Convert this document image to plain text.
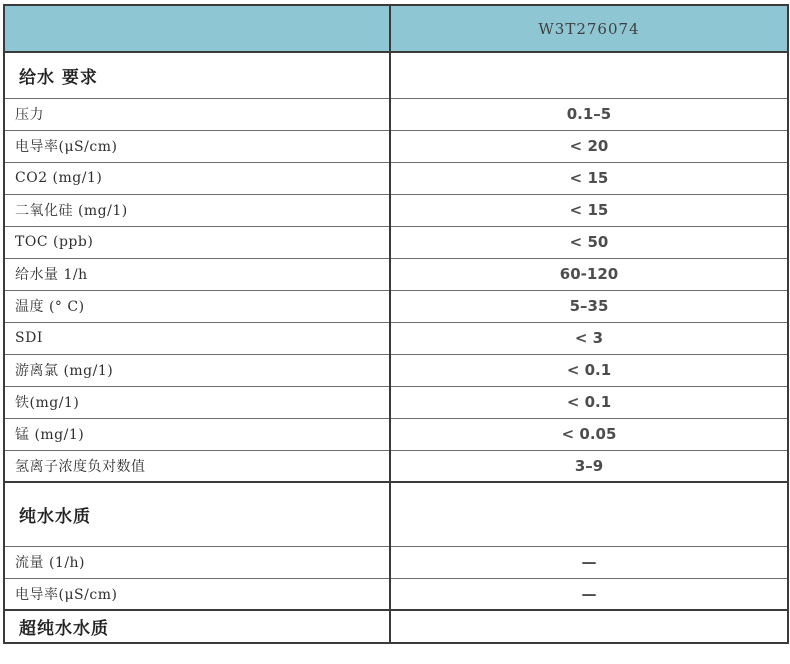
	W3T276074
给水 要求	
压力	0.1–5
电导率(μS/cm)	< 20
CO2 (mg/1)	< 15
二氧化硅 (mg/1)	< 15
TOC (ppb)	< 50
给水量 1/h	60-120
温度 (° C)	5–35
SDI	< 3
游离氯 (mg/1)	< 0.1
铁(mg/1)	< 0.1
锰 (mg/1)	< 0.05
氢离子浓度负对数值	3–9
纯水水质	
流量 (1/h)	—
电导率(μS/cm)	—
超纯水水质	
